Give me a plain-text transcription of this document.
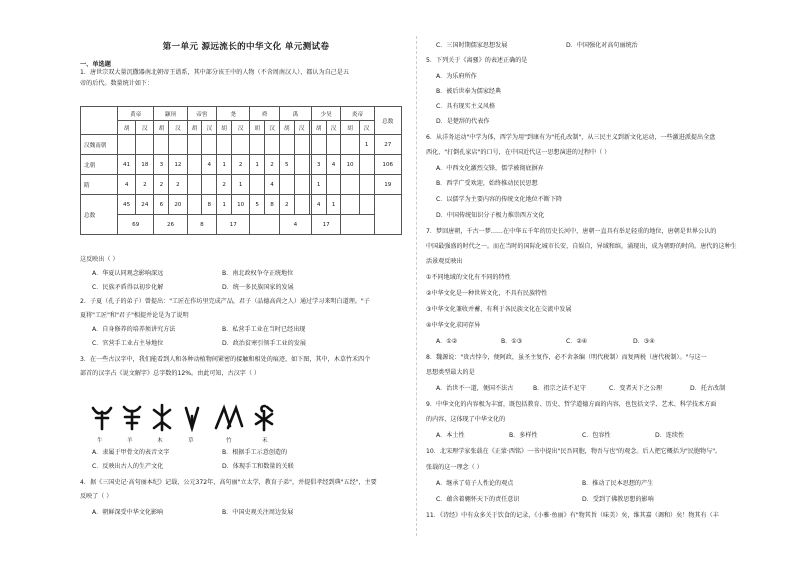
第一单元 源远流长的中华文化 单元测试卷
一、单选题
1．唐世宗双大量沉撒器南北朝帝王谱系，其中部分该王中的人物（不含周南汉人），都认为自己是五
帝的后代。数量统计如下：
	黄帝		颛顼		帝喾		尧		舜		禹			少昊		炎帝		总数
	胡	汉	胡	汉	胡	汉	胡	汉	胡	汉	胡	汉		胡	汉	胡	汉	
汉魏南朝																	1	27
北朝	41	18	3	12		4	1	2	1	2	5			3	4	10		106
隋	4	2	2	2			2	1		4				1				19
总数	45	24	6	20		8	1	10	5	8	2			4	1			
	69		26		8		17				4			17				
这反映出（ ）
A．华夏认同观念影响深远	B．南北政权争夺正统地位
C．民族矛盾得以初步化解	D．统一多民族国家的发展
2．子夏（孔子的弟子）曾提出："工匠在作坊里完成产品，君子（品德高尚之人）通过学习来明白道理。"子
夏将"工匠"和"君子"相提并论是为了说明
A．自身修养的培养须讲究方法	B．私营手工业在当时已经出现
C．官营手工业占主导地位	D．政治贫寒引领手工业的发展
3．在一些古汉字中，我们能看到人和各种动植物间紧密的接触和相处的痕迹，如下图，其中，木草竹禾四个
部首的汉字占《说文解字》总字数的12%。由此可知，古汉字（ ）
牛	羊	木	草	竹	禾
A．隶属于甲骨文的表音文字	B．根据手工示意创造的
C．反映出古人的生产文化	D．体现手工和数量的关联
4．据《三国史记·高句丽本纪》记载，公元372年，高句丽"立太学，教育子弟"，并提倡孝经到典"五经"，主要
反映了（ ）
A．朝鲜深受中华文化影响	B．中国史观关注周边发展
C．三国时期儒家思想发展	D．中国强化对高句丽统治
5．下列关于《离骚》的表述正确的是
A．为乐府所作
B．被后世奉为儒家经典
C．具有现实主义风格
D．是楚辞的代表作
6．从洋务运动"中学为体，西学为用"到康有为"托孔改制"，从三民主义到新文化运动，一些激进派提出全盘
西化、"打倒孔家店"的口号，在中国近代这一思想演进的过程中（ ）
A．中西文化激烈交锋，儒学被彻底摒弃
B．西学广受欢迎，始终推动民民思想
C．以儒学为主要内容的传统文化地位不断下降
D．中国传统知识分子极力推崇西方文化
7．梦回唐朝，千古一梦……在中华五千年的历史长河中，唐朝一直具有举足轻重的地位，唐朝是世界公认的
中国最强盛的时代之一。而在当时的国际化城市长安，自娱自，异域和缤，涌现出，成为朝野的时尚。唐代的这种生
活景观反映出
①不同地域的文化有不同的特性
②中华文化是一种世界文化，不具有民族特性
③中华文化兼收并蓄，有利于各民族文化在交流中发展
④中华文化求同存异
A．①②	B．①③	C．②④	D．③④
8．魏源说："贵古悖今，便阿政，虽圣主复作，必不舍条编（明代税制）而复两税（唐代税制）。"与这一
思想类型最大的是
A．治世不一道，便国不法古	B．祖宗之法不足守	C．变者天下之公理	D．托古改制
9．中华文化的内容极为丰富，既包括教育、历史、哲学道德方面的内容，也包括文学、艺术、科学技术方面
的内容，这体现了中华文化的
A．本土性	B．多样性	C．包容性	D．连续性
10．北宋理学家张载在《正蒙·西铭》一书中提出"民吾同胞，物吾与也"的观念。后人把它概括为"民胞物与"。
张载的这一理念（ ）
A．继承了荀子人性论的观点	B．推动了民本思想的产生
C．蕴含着翱怀天下的责任意识	D．受到了佛教思想的影响
11．《诗经》中有众多关于饮食的记录，《小雅·鱼丽》有"物其旨（味美）矣，维其嘉（调和）矣！物其有（丰
